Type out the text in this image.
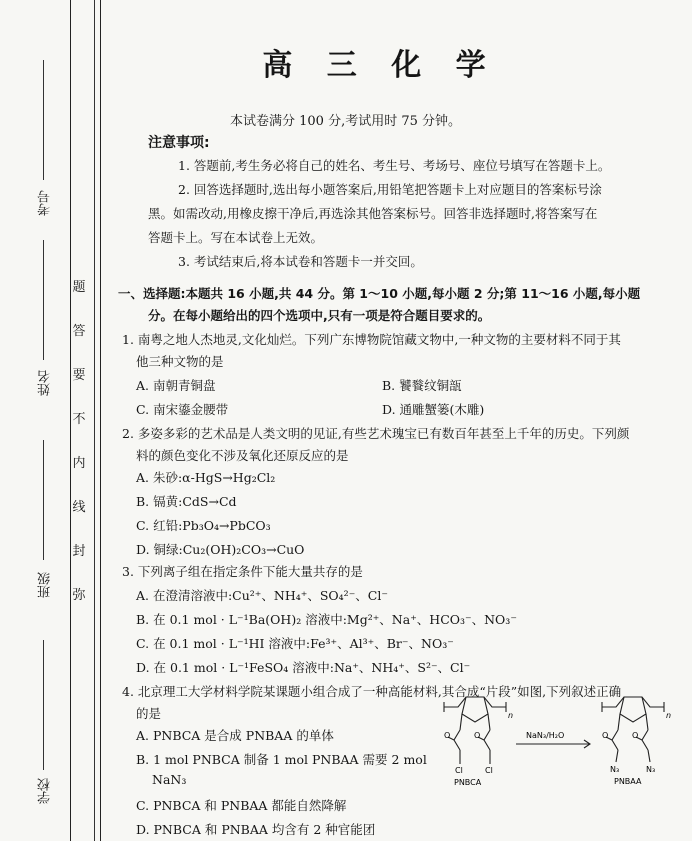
考号
姓名
班级
学校
题
答
要
不
内
线
封
弥
高 三 化 学
本试卷满分 100 分,考试用时 75 分钟。
注意事项:
1. 答题前,考生务必将自己的姓名、考生号、考场号、座位号填写在答题卡上。
2. 回答选择题时,选出每小题答案后,用铅笔把答题卡上对应题目的答案标号涂
黑。如需改动,用橡皮擦干净后,再选涂其他答案标号。回答非选择题时,将答案写在
答题卡上。写在本试卷上无效。
3. 考试结束后,将本试卷和答题卡一并交回。
一、选择题:本题共 16 小题,共 44 分。第 1～10 小题,每小题 2 分;第 11～16 小题,每小题
分。在每小题给出的四个选项中,只有一项是符合题目要求的。
1. 南粤之地人杰地灵,文化灿烂。下列广东博物院馆藏文物中,一种文物的主要材料不同于其
他三种文物的是
A. 南朝青铜盘	B. 饕餮纹铜瓿
C. 南宋鎏金腰带	D. 通雕蟹篓(木雕)
2. 多姿多彩的艺术品是人类文明的见证,有些艺术瑰宝已有数百年甚至上千年的历史。下列颜
料的颜色变化不涉及氧化还原反应的是
A. 朱砂:α-HgS→Hg₂Cl₂
B. 镉黄:CdS→Cd
C. 红铅:Pb₃O₄→PbCO₃
D. 铜绿:Cu₂(OH)₂CO₃→CuO
3. 下列离子组在指定条件下能大量共存的是
A. 在澄清溶液中:Cu²⁺、NH₄⁺、SO₄²⁻、Cl⁻
B. 在 0.1 mol · L⁻¹Ba(OH)₂ 溶液中:Mg²⁺、Na⁺、HCO₃⁻、NO₃⁻
C. 在 0.1 mol · L⁻¹HI 溶液中:Fe³⁺、Al³⁺、Br⁻、NO₃⁻
D. 在 0.1 mol · L⁻¹FeSO₄ 溶液中:Na⁺、NH₄⁺、S²⁻、Cl⁻
4. 北京理工大学材料学院某课题小组合成了一种高能材料,其合成“片段”如图,下列叙述正确
的是
A. PNBCA 是合成 PNBAA 的单体
B. 1 mol PNBCA 制备 1 mol PNBAA 需要 2 mol
NaN₃
C. PNBCA 和 PNBAA 都能自然降解
D. PNBCA 和 PNBAA 均含有 2 种官能团
n
O	O
Cl	Cl
PNBCA
NaN₃/H₂O
n
O	O
N₃	N₃
PNBAA
